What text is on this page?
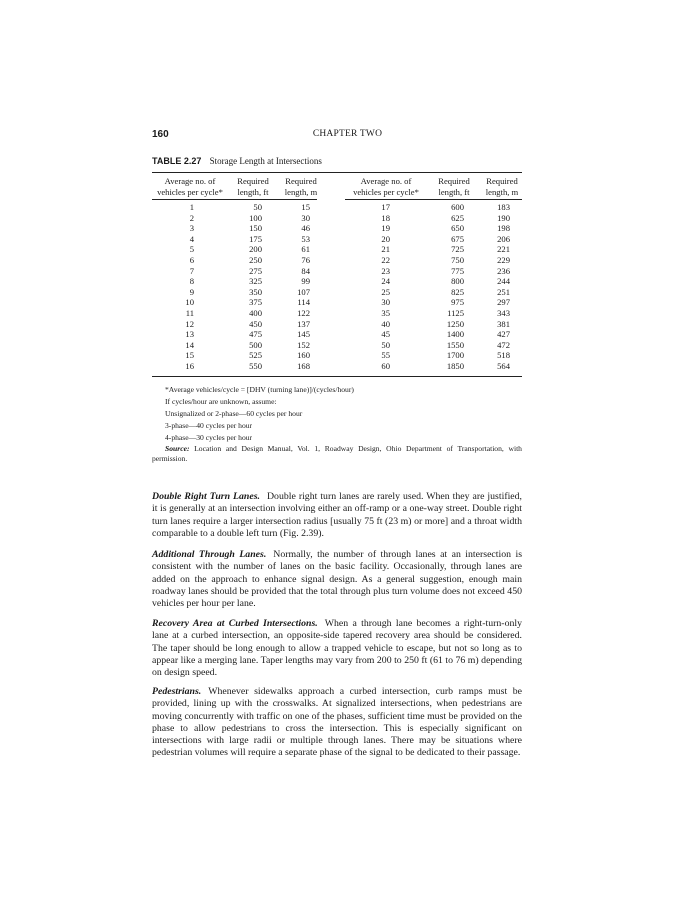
160	CHAPTER TWO
TABLE 2.27 Storage Length at Intersections
Average no. of
vehicles per cycle*
Required
length, ft
Required
length, m
Average no. of
vehicles per cycle*
Required
length, ft
Required
length, m
1
2
3
4
5
6
7
8
9
10
11
12
13
14
15
16
50
100
150
175
200
250
275
325
350
375
400
450
475
500
525
550
15
30
46
53
61
76
84
99
107
114
122
137
145
152
160
168
17
18
19
20
21
22
23
24
25
30
35
40
45
50
55
60
600
625
650
675
725
750
775
800
825
975
1125
1250
1400
1550
1700
1850
183
190
198
206
221
229
236
244
251
297
343
381
427
472
518
564
*Average vehicles/cycle = [DHV (turning lane)]/(cycles/hour)
If cycles/hour are unknown, assume:
Unsignalized or 2-phase—60 cycles per hour
3-phase—40 cycles per hour
4-phase—30 cycles per hour
Source: Location and Design Manual, Vol. 1, Roadway Design, Ohio Department of Transportation, with permission.
Double Right Turn Lanes. Double right turn lanes are rarely used. When they are justified, it is generally at an intersection involving either an off-ramp or a one-way street. Double right turn lanes require a larger intersection radius [usually 75 ft (23 m) or more] and a throat width comparable to a double left turn (Fig. 2.39).
Additional Through Lanes. Normally, the number of through lanes at an intersection is consistent with the number of lanes on the basic facility. Occasionally, through lanes are added on the approach to enhance signal design. As a general suggestion, enough main roadway lanes should be provided that the total through plus turn volume does not exceed 450 vehicles per hour per lane.
Recovery Area at Curbed Intersections. When a through lane becomes a right-turn-only lane at a curbed intersection, an opposite-side tapered recovery area should be considered. The taper should be long enough to allow a trapped vehicle to escape, but not so long as to appear like a merging lane. Taper lengths may vary from 200 to 250 ft (61 to 76 m) depending on design speed.
Pedestrians. Whenever sidewalks approach a curbed intersection, curb ramps must be provided, lining up with the crosswalks. At signalized intersections, when pedestrians are moving concurrently with traffic on one of the phases, sufficient time must be provided on the phase to allow pedestrians to cross the intersection. This is especially significant on intersections with large radii or multiple through lanes. There may be situations where pedestrian volumes will require a separate phase of the signal to be dedicated to their passage.
